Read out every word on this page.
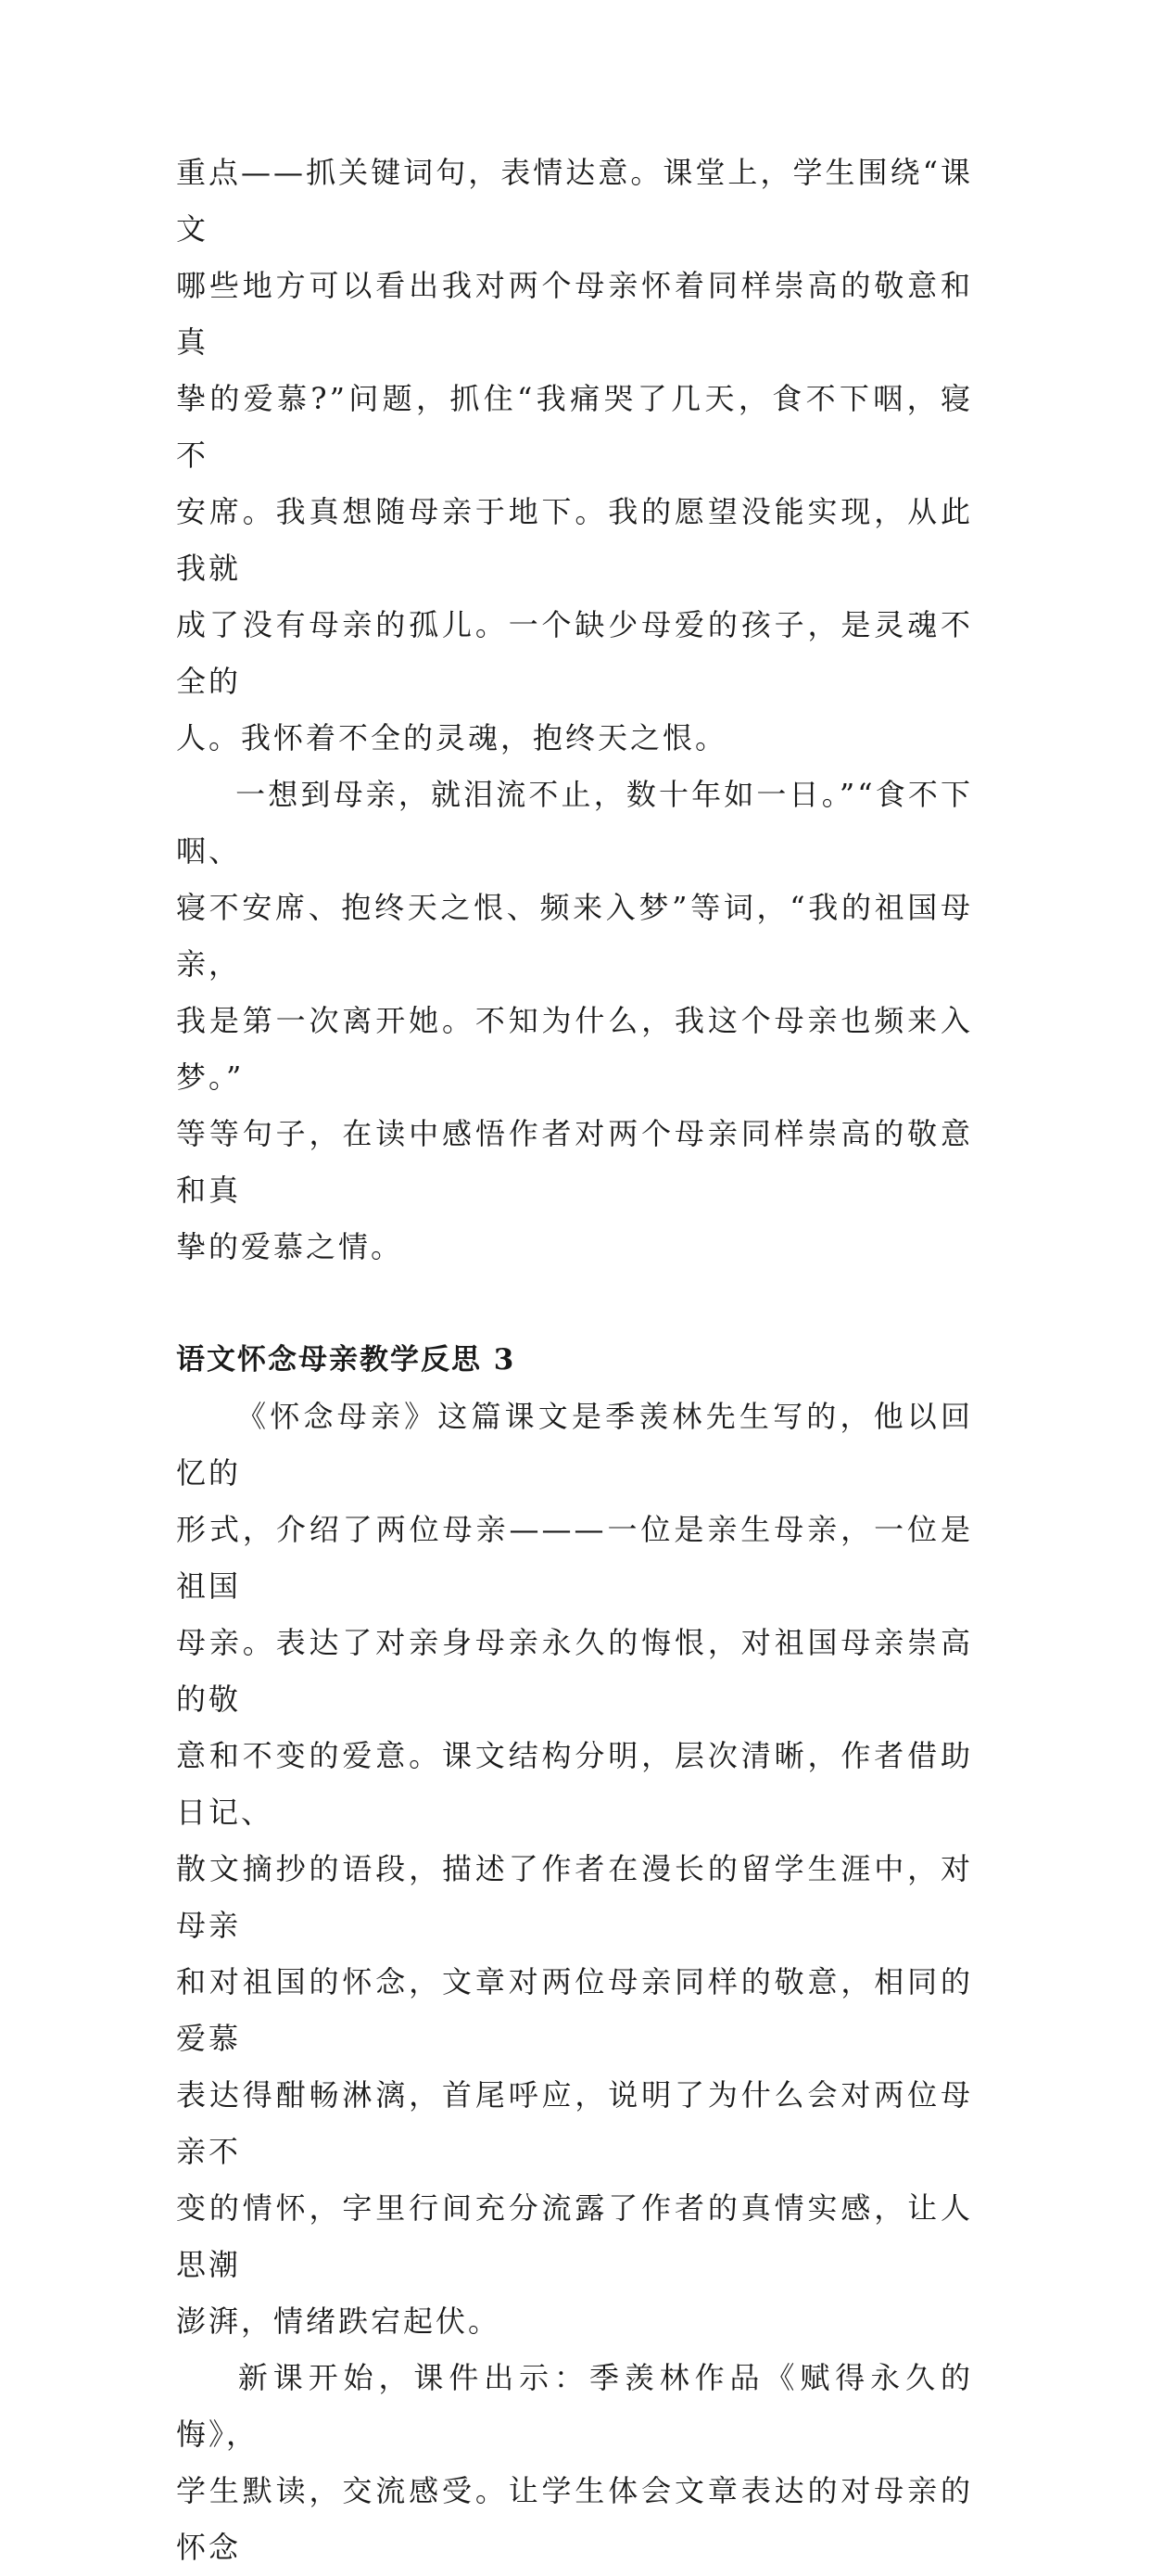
重点——抓关键词句，表情达意。课堂上，学生围绕“课文
哪些地方可以看出我对两个母亲怀着同样崇高的敬意和真
挚的爱慕?”问题，抓住“我痛哭了几天，食不下咽，寝不
安席。我真想随母亲于地下。我的愿望没能实现，从此我就
成了没有母亲的孤儿。一个缺少母爱的孩子，是灵魂不全的
人。我怀着不全的灵魂，抱终天之恨。

一想到母亲，就泪流不止，数十年如一日。”“食不下咽、
寝不安席、抱终天之恨、频来入梦”等词，“我的祖国母亲，
我是第一次离开她。不知为什么，我这个母亲也频来入梦。”
等等句子，在读中感悟作者对两个母亲同样崇高的敬意和真
挚的爱慕之情。

语文怀念母亲教学反思 3

《怀念母亲》这篇课文是季羡林先生写的，他以回忆的
形式，介绍了两位母亲———一位是亲生母亲，一位是祖国
母亲。表达了对亲身母亲永久的悔恨，对祖国母亲崇高的敬
意和不变的爱意。课文结构分明，层次清晰，作者借助日记、
散文摘抄的语段，描述了作者在漫长的留学生涯中，对母亲
和对祖国的怀念，文章对两位母亲同样的敬意，相同的爱慕
表达得酣畅淋漓，首尾呼应，说明了为什么会对两位母亲不
变的情怀，字里行间充分流露了作者的真情实感，让人思潮
澎湃，情绪跌宕起伏。

新课开始，课件出示：季羡林作品《赋得永久的悔》，
学生默读，交流感受。让学生体会文章表达的对母亲的怀念
